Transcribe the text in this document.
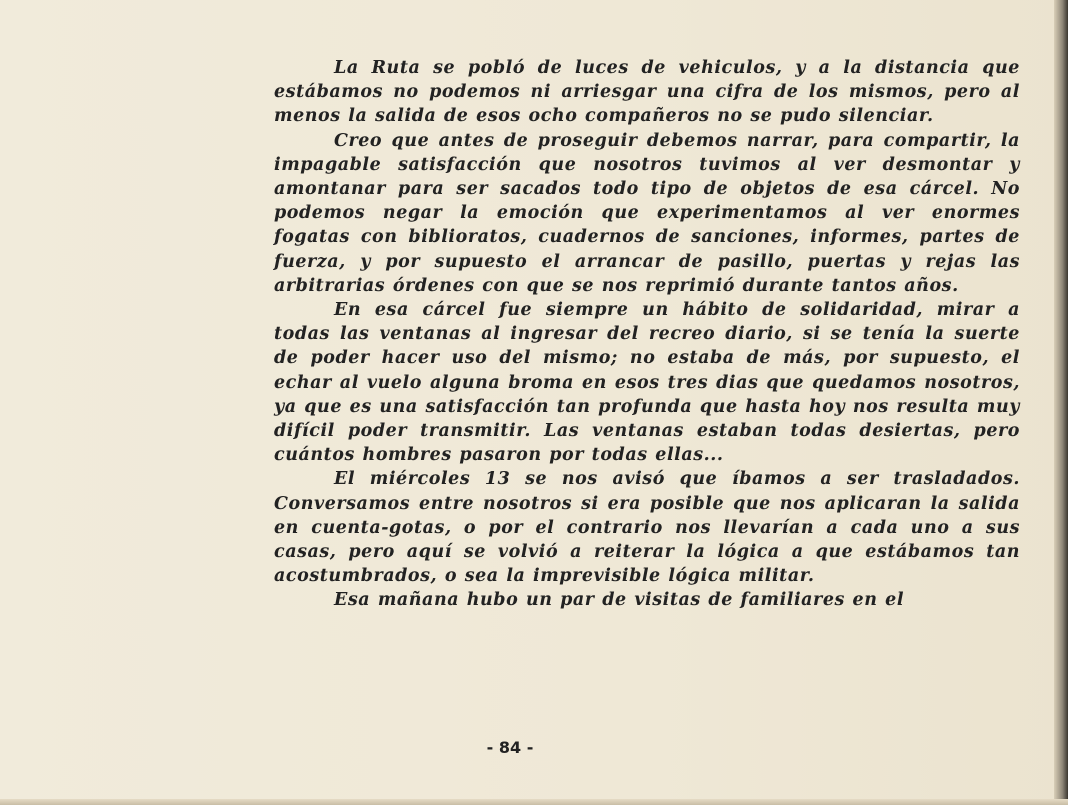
La Ruta se pobló de luces de vehiculos, y a la distancia que estábamos no podemos ni arriesgar una cifra de los mismos, pero al menos la salida de esos ocho compañeros no se pudo silenciar.

Creo que antes de proseguir debemos narrar, para compartir, la impagable satisfacción que nosotros tuvimos al ver desmontar y amontanar para ser sacados todo tipo de objetos de esa cárcel. No podemos negar la emoción que experimentamos al ver enormes fogatas con biblioratos, cuadernos de sanciones, informes, partes de fuerza, y por supuesto el arrancar de pasillo, puertas y rejas las arbitrarias órdenes con que se nos reprimió durante tantos años.

En esa cárcel fue siempre un hábito de solidaridad, mirar a todas las ventanas al ingresar del recreo diario, si se tenía la suerte de poder hacer uso del mismo; no estaba de más, por supuesto, el echar al vuelo alguna broma en esos tres dias que quedamos nosotros, ya que es una satisfacción tan profunda que hasta hoy nos resulta muy difícil poder transmitir. Las ventanas estaban todas desiertas, pero cuántos hombres pasaron por todas ellas...

El miércoles 13 se nos avisó que íbamos a ser trasladados. Conversamos entre nosotros si era posible que nos aplicaran la salida en cuenta-gotas, o por el contrario nos llevarían a cada uno a sus casas, pero aquí se volvió a reiterar la lógica a que estábamos tan acostumbrados, o sea la imprevisible lógica militar.

Esa mañana hubo un par de visitas de familiares en el

- 84 -
